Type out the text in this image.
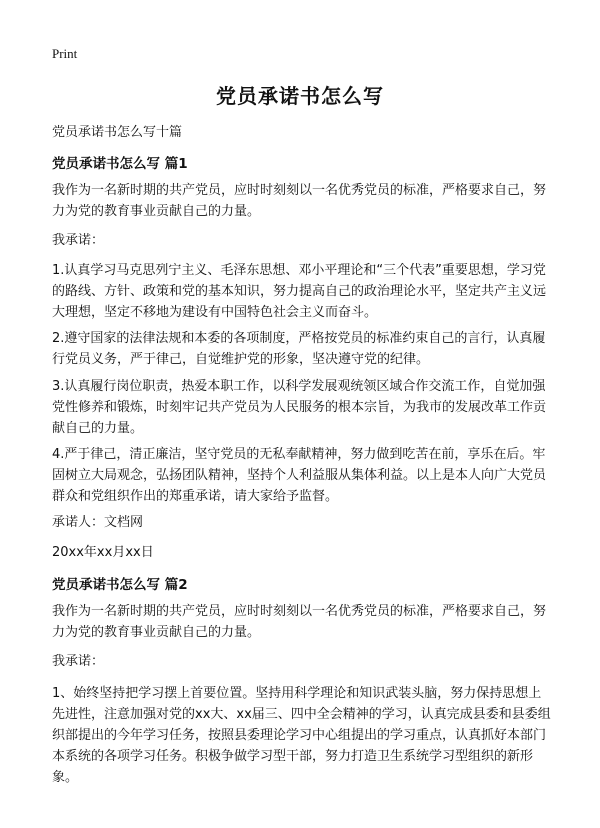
Print
党员承诺书怎么写
党员承诺书怎么写十篇
党员承诺书怎么写 篇1
我作为一名新时期的共产党员，应时时刻刻以一名优秀党员的标准，严格要求自己，努力为党的教育事业贡献自己的力量。
我承诺：
1.认真学习马克思列宁主义、毛泽东思想、邓小平理论和“三个代表”重要思想，学习党的路线、方针、政策和党的基本知识，努力提高自己的政治理论水平，坚定共产主义远大理想，坚定不移地为建设有中国特色社会主义而奋斗。
2.遵守国家的法律法规和本委的各项制度，严格按党员的标准约束自己的言行，认真履行党员义务，严于律己，自觉维护党的形象，坚决遵守党的纪律。
3.认真履行岗位职责，热爱本职工作，以科学发展观统领区域合作交流工作，自觉加强党性修养和锻炼，时刻牢记共产党员为人民服务的根本宗旨，为我市的发展改革工作贡献自己的力量。
4.严于律己，清正廉洁，坚守党员的无私奉献精神，努力做到吃苦在前，享乐在后。牢固树立大局观念，弘扬团队精神，坚持个人利益服从集体利益。以上是本人向广大党员群众和党组织作出的郑重承诺，请大家给予监督。
承诺人：文档网
20xx年xx月xx日
党员承诺书怎么写 篇2
我作为一名新时期的共产党员，应时时刻刻以一名优秀党员的标准，严格要求自己，努力为党的教育事业贡献自己的力量。
我承诺：
1、始终坚持把学习摆上首要位置。坚持用科学理论和知识武装头脑，努力保持思想上先进性，注意加强对党的xx大、xx届三、四中全会精神的学习，认真完成县委和县委组织部提出的今年学习任务，按照县委理论学习中心组提出的学习重点，认真抓好本部门本系统的各项学习任务。积极争做学习型干部，努力打造卫生系统学习型组织的新形象。
